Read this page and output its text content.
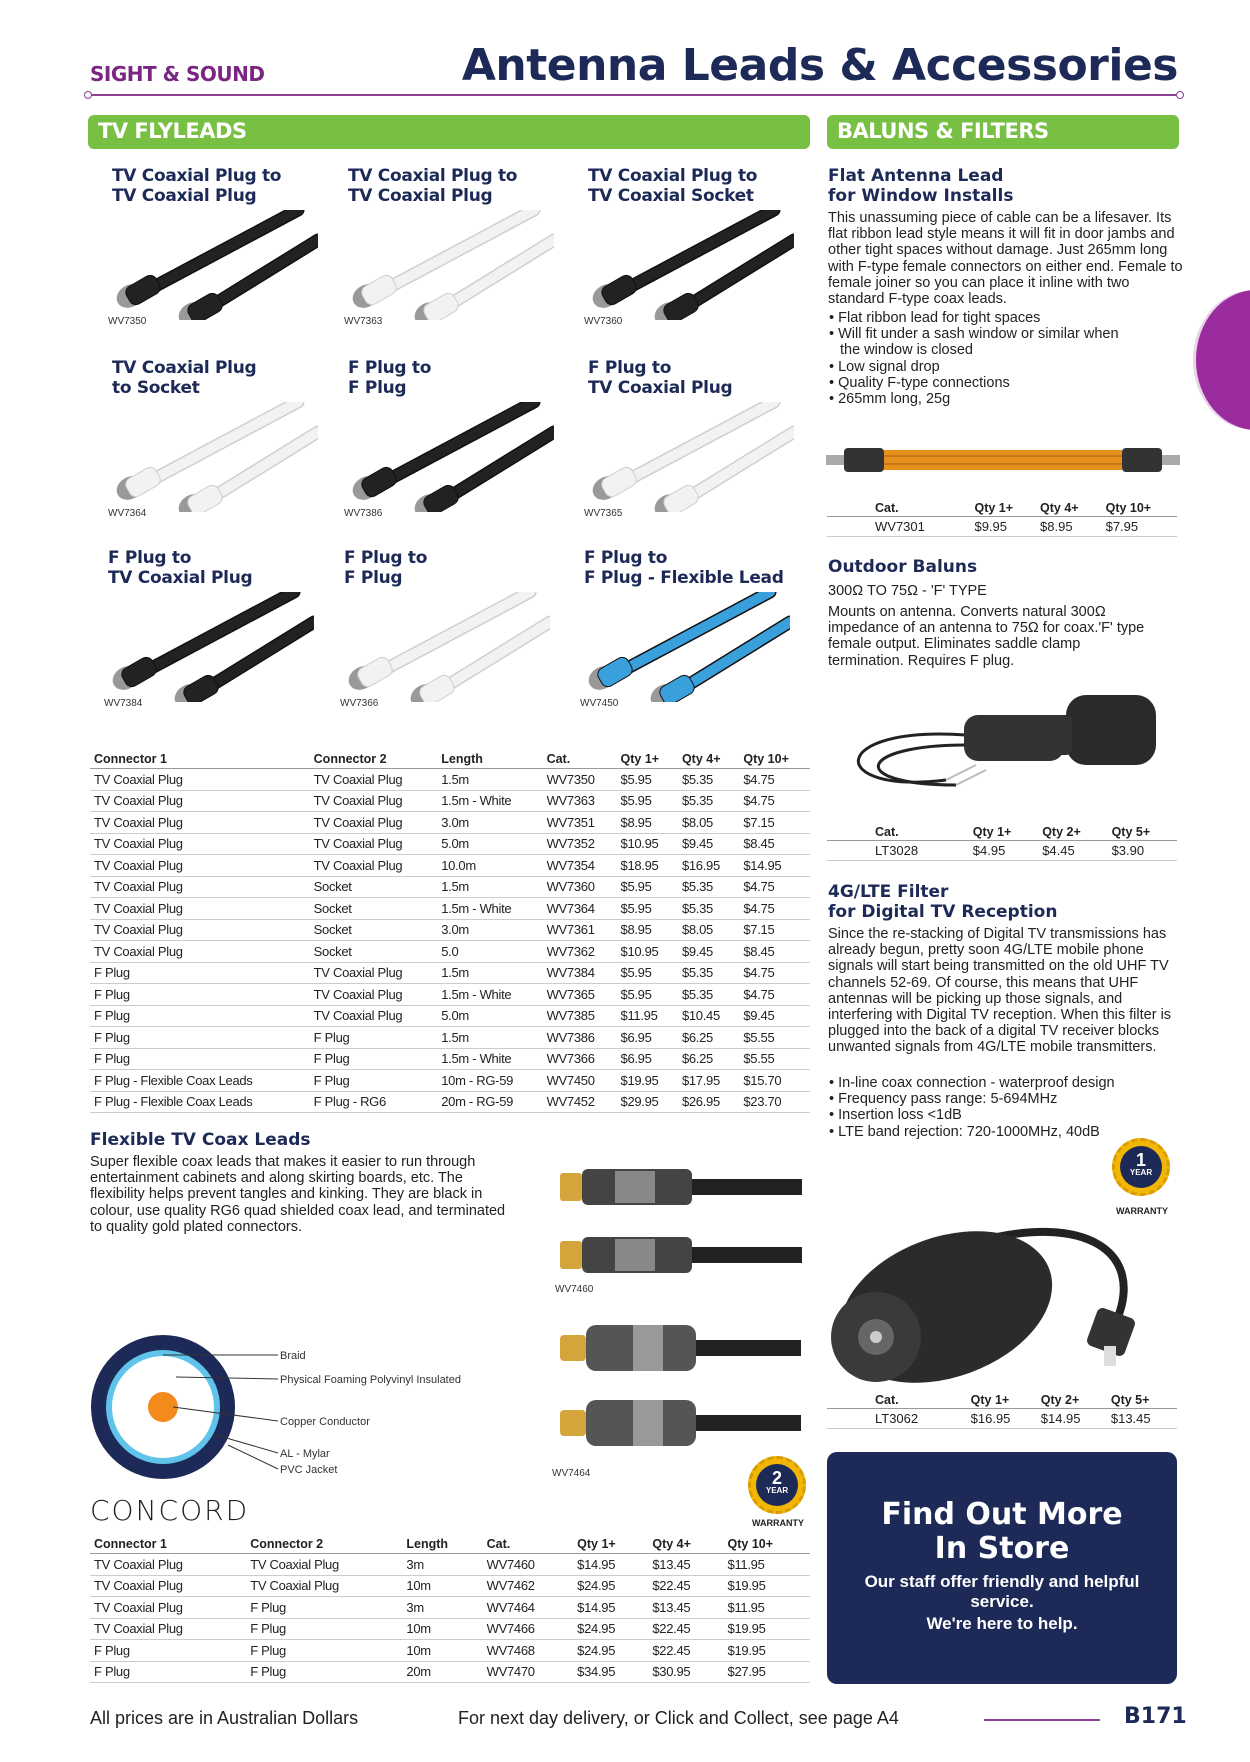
SIGHT & SOUND	Antenna Leads & Accessories
TV FLYLEADS
TV Coaxial Plug to
TV Coaxial Plug
WV7350
TV Coaxial Plug to
TV Coaxial Plug
WV7363
TV Coaxial Plug to
TV Coaxial Socket
WV7360
TV Coaxial Plug
to Socket
WV7364
F Plug to
F Plug
WV7386
F Plug to
TV Coaxial Plug
WV7365
F Plug to
TV Coaxial Plug
WV7384
F Plug to
F Plug
WV7366
F Plug to
F Plug - Flexible Lead
WV7450
Connector 1	Connector 2	Length	Cat.	Qty 1+	Qty 4+	Qty 10+
TV Coaxial Plug	TV Coaxial Plug	1.5m	WV7350	$5.95	$5.35	$4.75
TV Coaxial Plug	TV Coaxial Plug	1.5m - White	WV7363	$5.95	$5.35	$4.75
TV Coaxial Plug	TV Coaxial Plug	3.0m	WV7351	$8.95	$8.05	$7.15
TV Coaxial Plug	TV Coaxial Plug	5.0m	WV7352	$10.95	$9.45	$8.45
TV Coaxial Plug	TV Coaxial Plug	10.0m	WV7354	$18.95	$16.95	$14.95
TV Coaxial Plug	Socket	1.5m	WV7360	$5.95	$5.35	$4.75
TV Coaxial Plug	Socket	1.5m - White	WV7364	$5.95	$5.35	$4.75
TV Coaxial Plug	Socket	3.0m	WV7361	$8.95	$8.05	$7.15
TV Coaxial Plug	Socket	5.0	WV7362	$10.95	$9.45	$8.45
F Plug	TV Coaxial Plug	1.5m	WV7384	$5.95	$5.35	$4.75
F Plug	TV Coaxial Plug	1.5m - White	WV7365	$5.95	$5.35	$4.75
F Plug	TV Coaxial Plug	5.0m	WV7385	$11.95	$10.45	$9.45
F Plug	F Plug	1.5m	WV7386	$6.95	$6.25	$5.55
F Plug	F Plug	1.5m - White	WV7366	$6.95	$6.25	$5.55
F Plug - Flexible Coax Leads	F Plug	10m - RG-59	WV7450	$19.95	$17.95	$15.70
F Plug - Flexible Coax Leads	F Plug - RG6	20m - RG-59	WV7452	$29.95	$26.95	$23.70
Flexible TV Coax Leads
Super flexible coax leads that makes it easier to run through entertainment cabinets and along skirting boards, etc. The flexibility helps prevent tangles and kinking. They are black in colour, use quality RG6 quad shielded coax lead, and terminated to quality gold plated connectors.
WV7460
WV7464	2
YEAR
WARRANTY
Braid
Physical Foaming Polyvinyl Insulated
Copper Conductor
AL - Mylar
PVC Jacket
CONCORD
Connector 1	Connector 2	Length	Cat.	Qty 1+	Qty 4+	Qty 10+
TV Coaxial Plug	TV Coaxial Plug	3m	WV7460	$14.95	$13.45	$11.95
TV Coaxial Plug	TV Coaxial Plug	10m	WV7462	$24.95	$22.45	$19.95
TV Coaxial Plug	F Plug	3m	WV7464	$14.95	$13.45	$11.95
TV Coaxial Plug	F Plug	10m	WV7466	$24.95	$22.45	$19.95
F Plug	F Plug	10m	WV7468	$24.95	$22.45	$19.95
F Plug	F Plug	20m	WV7470	$34.95	$30.95	$27.95
BALUNS & FILTERS
Flat Antenna Lead
for Window Installs
This unassuming piece of cable can be a lifesaver. Its flat ribbon lead style means it will fit in door jambs and other tight spaces without damage. Just 265mm long with F-type female connectors on either end. Female to female joiner so you can place it inline with two standard F-type coax leads.
• Flat ribbon lead for tight spaces
• Will fit under a sash window or similar when the window is closed
• Low signal drop
• Quality F-type connections
• 265mm long, 25g
Cat.	Qty 1+	Qty 4+	Qty 10+
WV7301	$9.95	$8.95	$7.95
Outdoor Baluns
300Ω TO 75Ω - 'F' TYPE
Mounts on antenna. Converts natural 300Ω impedance of an antenna to 75Ω for coax.'F' type female output. Eliminates saddle clamp termination. Requires F plug.
Cat.	Qty 1+	Qty 2+	Qty 5+
LT3028	$4.95	$4.45	$3.90
4G/LTE Filter
for Digital TV Reception
Since the re-stacking of Digital TV transmissions has already begun, pretty soon 4G/LTE mobile phone signals will start being transmitted on the old UHF TV channels 52-69. Of course, this means that UHF antennas will be picking up those signals, and interfering with Digital TV reception. When this filter is plugged into the back of a digital TV receiver blocks unwanted signals from 4G/LTE mobile transmitters.
• In-line coax connection - waterproof design
• Frequency pass range: 5-694MHz
• Insertion loss <1dB
• LTE band rejection: 720-1000MHz, 40dB
1
YEAR
WARRANTY
Cat.	Qty 1+	Qty 2+	Qty 5+
LT3062	$16.95	$14.95	$13.45
Find Out More
In Store
Our staff offer friendly and helpful service.
We're here to help.
All prices are in Australian Dollars	For next day delivery, or Click and Collect, see page A4	B171
